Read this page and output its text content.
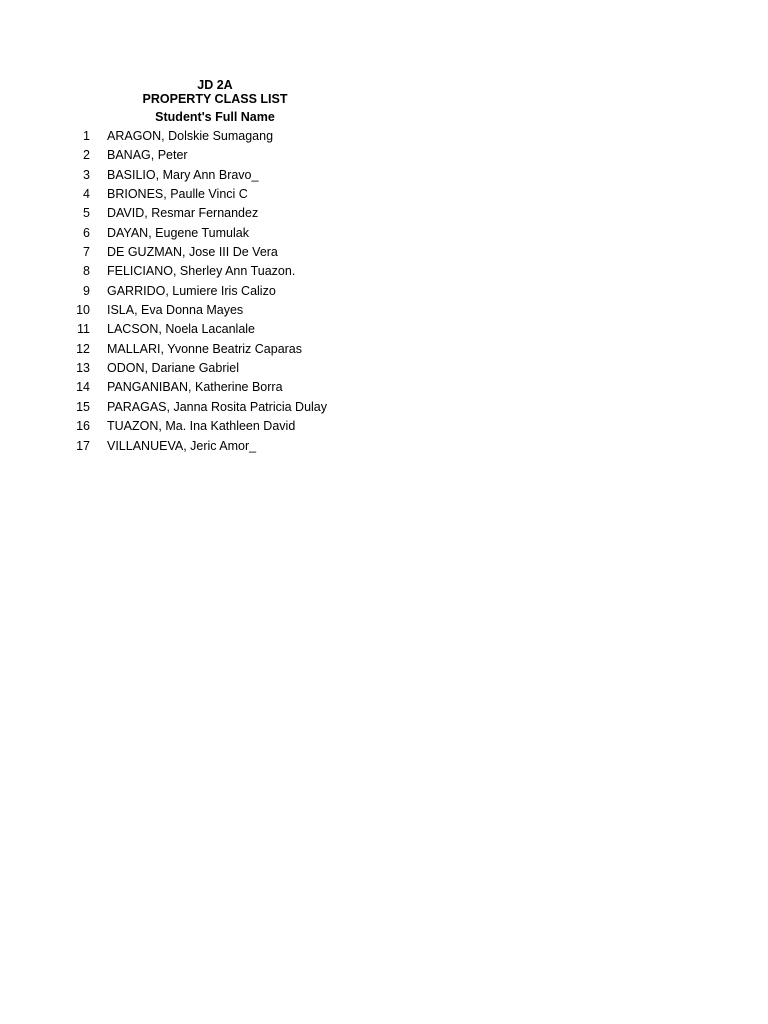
JD 2A
PROPERTY CLASS LIST
Student's Full Name
1 ARAGON, Dolskie Sumagang
2 BANAG, Peter
3 BASILIO, Mary Ann Bravo_
4 BRIONES, Paulle Vinci C
5 DAVID, Resmar Fernandez
6 DAYAN, Eugene Tumulak
7 DE GUZMAN, Jose III De Vera
8 FELICIANO, Sherley Ann Tuazon.
9 GARRIDO, Lumiere Iris Calizo
10 ISLA, Eva Donna Mayes
11 LACSON, Noela Lacanlale
12 MALLARI, Yvonne Beatriz Caparas
13 ODON, Dariane Gabriel
14 PANGANIBAN, Katherine Borra
15 PARAGAS, Janna Rosita Patricia Dulay
16 TUAZON, Ma. Ina Kathleen David
17 VILLANUEVA, Jeric Amor_
